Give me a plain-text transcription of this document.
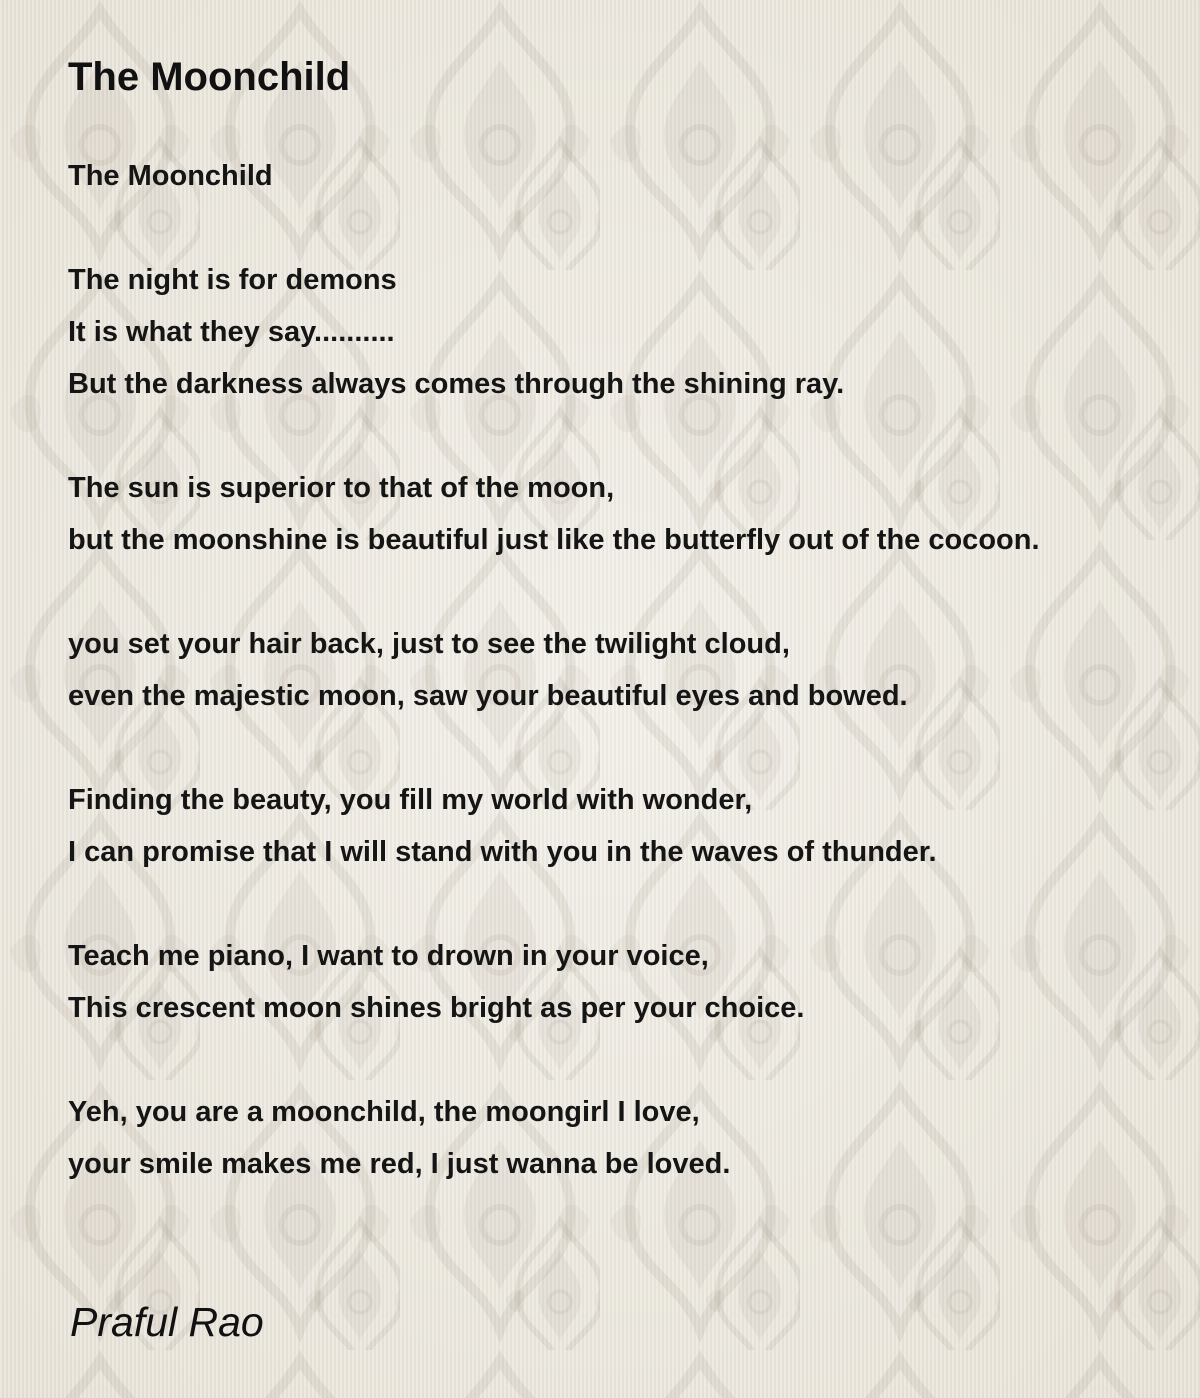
The Moonchild
The Moonchild
The night is for demons
It is what they say..........
But the darkness always comes through the shining ray.
The sun is superior to that of the moon,
but the moonshine is beautiful just like the butterfly out of the cocoon.
you set your hair back, just to see the twilight cloud,
even the majestic moon, saw your beautiful eyes and bowed.
Finding the beauty, you fill my world with wonder,
I can promise that I will stand with you in the waves of thunder.
Teach me piano, I want to drown in your voice,
This crescent moon shines bright as per your choice.
Yeh, you are a moonchild, the moongirl I love,
your smile makes me red, I just wanna be loved.

Praful Rao
